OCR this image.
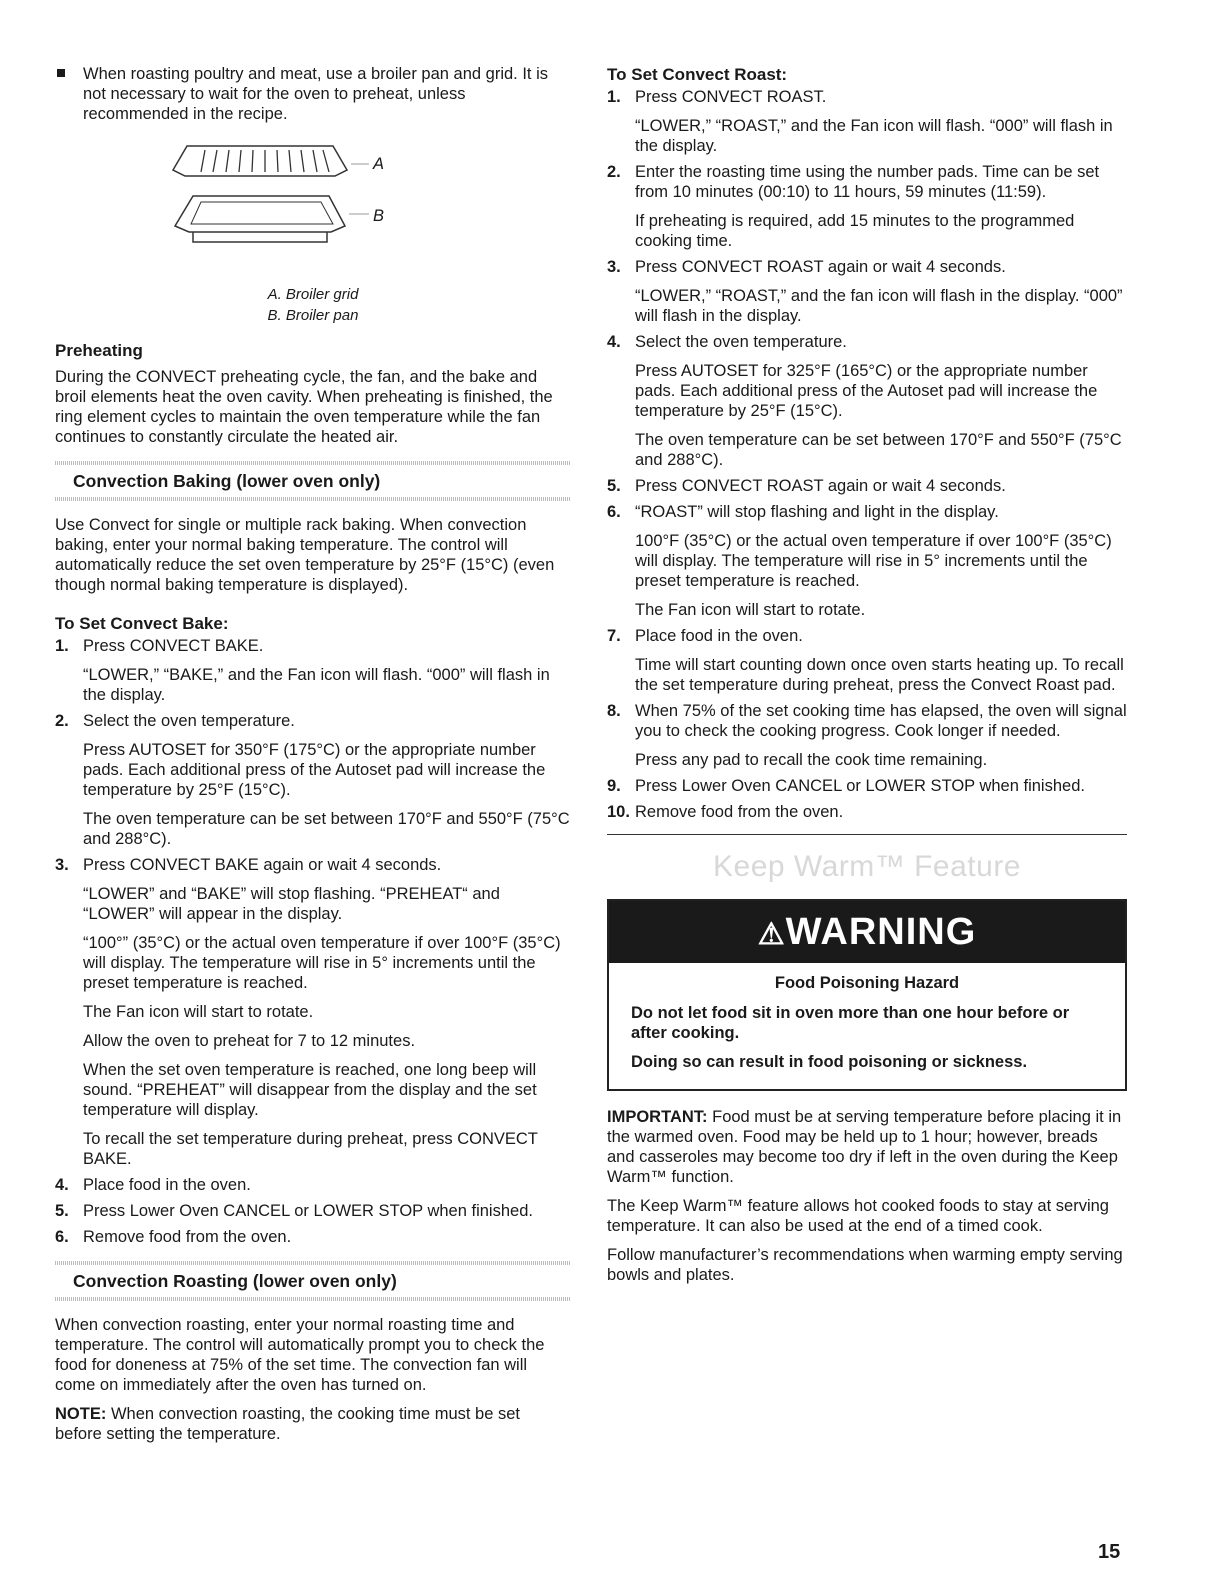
When roasting poultry and meat, use a broiler pan and grid. It is not necessary to wait for the oven to preheat, unless recommended in the recipe.
A
B
A. Broiler grid
B. Broiler pan
Preheating

During the CONVECT preheating cycle, the fan, and the bake and broil elements heat the oven cavity. When preheating is finished, the ring element cycles to maintain the oven temperature while the fan continues to constantly circulate the heated air.

Convection Baking (lower oven only)

Use Convect for single or multiple rack baking. When convection baking, enter your normal baking temperature. The control will automatically reduce the set oven temperature by 25°F (15°C) (even though normal baking temperature is displayed).

To Set Convect Bake:
1. Press CONVECT BAKE.

“LOWER,” “BAKE,” and the Fan icon will flash. “000” will flash in the display.

2. Select the oven temperature.

Press AUTOSET for 350°F (175°C) or the appropriate number pads. Each additional press of the Autoset pad will increase the temperature by 25°F (15°C).

The oven temperature can be set between 170°F and 550°F (75°C and 288°C).

3. Press CONVECT BAKE again or wait 4 seconds.

“LOWER” and “BAKE” will stop flashing. “PREHEAT“ and “LOWER” will appear in the display.

“100°” (35°C) or the actual oven temperature if over 100°F (35°C) will display. The temperature will rise in 5° increments until the preset temperature is reached.

The Fan icon will start to rotate.

Allow the oven to preheat for 7 to 12 minutes.

When the set oven temperature is reached, one long beep will sound. “PREHEAT” will disappear from the display and the set temperature will display.

To recall the set temperature during preheat, press CONVECT BAKE.

4. Place food in the oven.

5. Press Lower Oven CANCEL or LOWER STOP when finished.

6. Remove food from the oven.

Convection Roasting (lower oven only)

When convection roasting, enter your normal roasting time and temperature. The control will automatically prompt you to check the food for doneness at 75% of the set time. The convection fan will come on immediately after the oven has turned on.

NOTE: When convection roasting, the cooking time must be set before setting the temperature.

To Set Convect Roast:
1. Press CONVECT ROAST.

“LOWER,” “ROAST,” and the Fan icon will flash. “000” will flash in the display.

2. Enter the roasting time using the number pads. Time can be set from 10 minutes (00:10) to 11 hours, 59 minutes (11:59).

If preheating is required, add 15 minutes to the programmed cooking time.

3. Press CONVECT ROAST again or wait 4 seconds.

“LOWER,” “ROAST,” and the fan icon will flash in the display. “000” will flash in the display.

4. Select the oven temperature.

Press AUTOSET for 325°F (165°C) or the appropriate number pads. Each additional press of the Autoset pad will increase the temperature by 25°F (15°C).

The oven temperature can be set between 170°F and 550°F (75°C and 288°C).

5. Press CONVECT ROAST again or wait 4 seconds.

6. “ROAST” will stop flashing and light in the display.

100°F (35°C) or the actual oven temperature if over 100°F (35°C) will display. The temperature will rise in 5° increments until the preset temperature is reached.

The Fan icon will start to rotate.

7. Place food in the oven.

Time will start counting down once oven starts heating up. To recall the set temperature during preheat, press the Convect Roast pad.

8. When 75% of the set cooking time has elapsed, the oven will signal you to check the cooking progress. Cook longer if needed.

Press any pad to recall the cook time remaining.

9. Press Lower Oven CANCEL or LOWER STOP when finished.

10. Remove food from the oven.

Keep Warm™ Feature
⚠WARNING
Food Poisoning Hazard

Do not let food sit in oven more than one hour before or after cooking.

Doing so can result in food poisoning or sickness.

IMPORTANT: Food must be at serving temperature before placing it in the warmed oven. Food may be held up to 1 hour; however, breads and casseroles may become too dry if left in the oven during the Keep Warm™ function.

The Keep Warm™ feature allows hot cooked foods to stay at serving temperature. It can also be used at the end of a timed cook.

Follow manufacturer’s recommendations when warming empty serving bowls and plates.

15
